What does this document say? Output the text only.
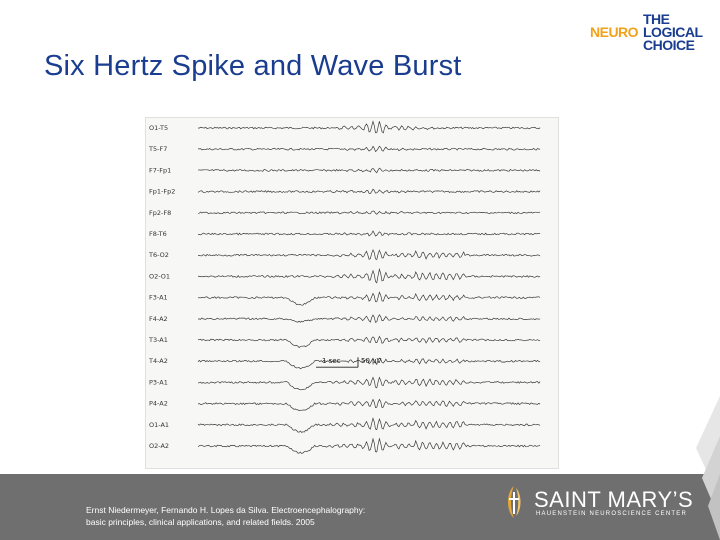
Six Hertz Spike and Wave Burst
THE
NEURO LOGICAL
CHOICE
O1-T5
T5-F7
F7-Fp1
Fp1-Fp2
Fp2-F8
F8-T6
T6-O2
O2-O1
F3-A1
F4-A2
T3-A1
T4-A2
P3-A1
P4-A2
O1-A1
O2-A2
1 sec	50 μV
Ernst Niedermeyer, Fernando H. Lopes da Silva. Electroencephalography:
basic principles, clinical applications, and related fields. 2005
SAINT MARY’S
HAUENSTEIN NEUROSCIENCE CENTER
